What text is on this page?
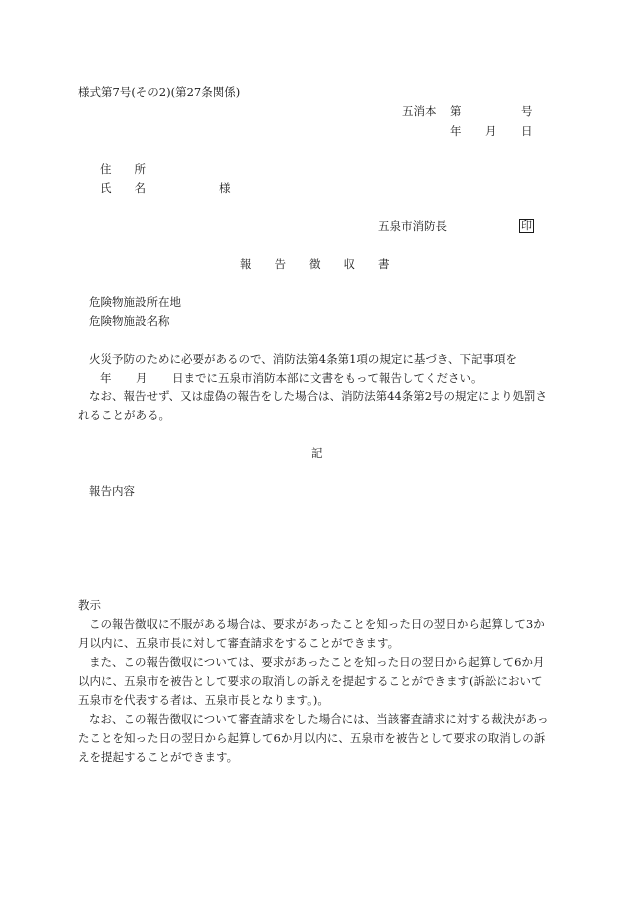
様式第7号(その2)(第27条関係)
五消本 第	号
年 月 日
住　　所
氏　　名	様
五泉市消防長	印
報　　告　　徴　　収　　書
危険物施設所在地
危険物施設名称
火災予防のために必要があるので、消防法第4条第1項の規定に基づき、下記事項を
年 月 日までに五泉市消防本部に文書をもって報告してください。
なお、報告せず、又は虚偽の報告をした場合は、消防法第44条第2号の規定により処罰さ
れることがある。
記
報告内容
教示
この報告徴収に不服がある場合は、要求があったことを知った日の翌日から起算して3か
月以内に、五泉市長に対して審査請求をすることができます。
また、この報告徴収については、要求があったことを知った日の翌日から起算して6か月
以内に、五泉市を被告として要求の取消しの訴えを提起することができます(訴訟において
五泉市を代表する者は、五泉市長となります。)。
なお、この報告徴収について審査請求をした場合には、当該審査請求に対する裁決があっ
たことを知った日の翌日から起算して6か月以内に、五泉市を被告として要求の取消しの訴
えを提起することができます。
